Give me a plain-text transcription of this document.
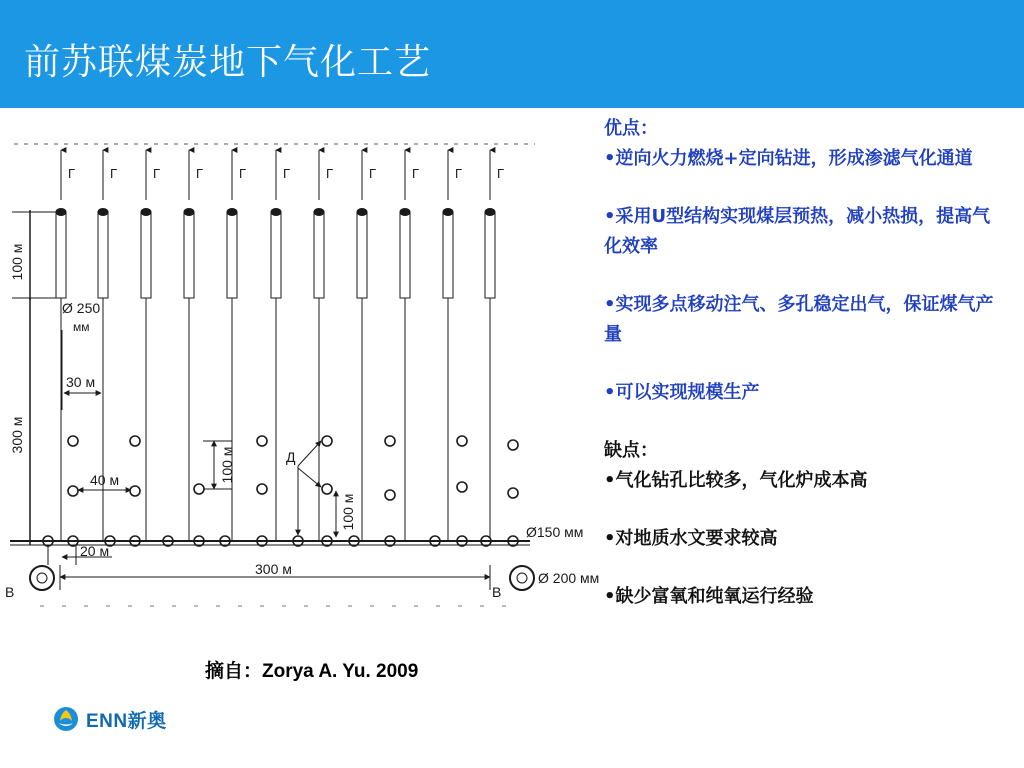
前苏联煤炭地下气化工艺
Г	Г	Г	Г	Г	Г	Г	Г	Г	Г	Г
100 м
300 м
Ø 250
мм
30 м
40 м	100 м	Д
100 м
Ø150 мм
20 м
300 м
В	В
Ø 200 мм
摘自：Zorya A. Yu. 2009
ENN新奥

优点：

•逆向火力燃烧+定向钻进，形成渗滤气化通道

•采用U型结构实现煤层预热，减小热损，提高气化效率

•实现多点移动注气、多孔稳定出气，保证煤气产量

•可以实现规模生产

缺点：

•气化钻孔比较多，气化炉成本高

•对地质水文要求较高

•缺少富氧和纯氧运行经验
